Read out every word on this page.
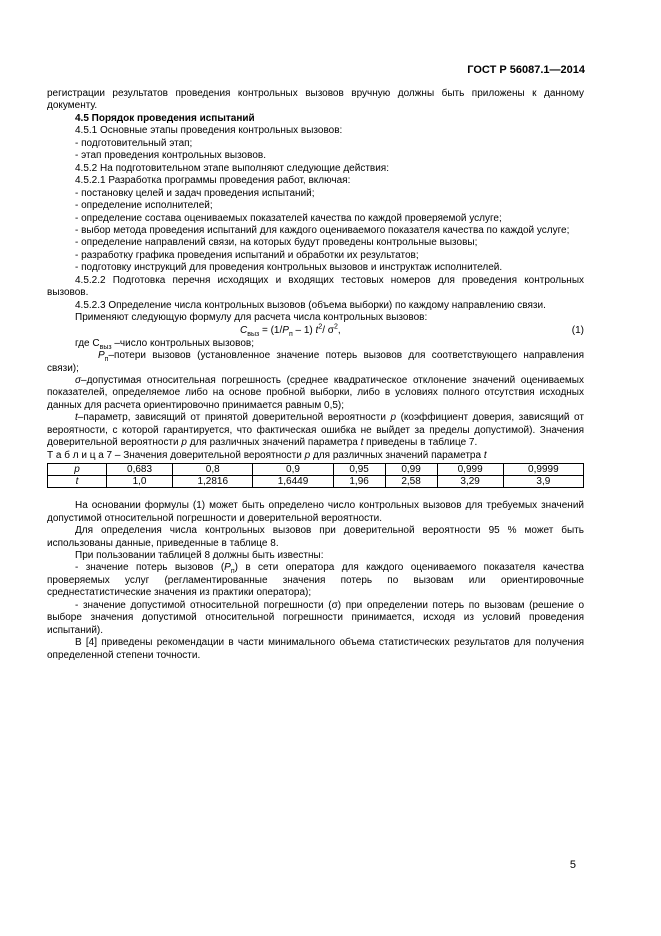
ГОСТ Р 56087.1—2014

регистрации результатов проведения контрольных вызовов вручную должны быть приложены к данному документу.

4.5 Порядок проведения испытаний

4.5.1 Основные этапы проведения контрольных вызовов:

- подготовительный этап;

- этап проведения контрольных вызовов.

4.5.2 На подготовительном этапе выполняют следующие действия:

4.5.2.1 Разработка программы проведения работ, включая:

- постановку целей и задач проведения испытаний;

- определение исполнителей;

- определение состава оцениваемых показателей качества по каждой проверяемой услуге;

- выбор метода проведения испытаний для каждого оцениваемого показателя качества по каждой услуге;

- определение направлений связи, на которых будут проведены контрольные вызовы;

- разработку графика проведения испытаний и обработки их результатов;

- подготовку инструкций для проведения контрольных вызовов и инструктаж исполнителей.

4.5.2.2 Подготовка перечня исходящих и входящих тестовых номеров для проведения контрольных вызовов.

4.5.2.3 Определение числа контрольных вызовов (объема выборки) по каждому направлению связи.

Применяют следующую формулу для расчета числа контрольных вызовов:

$C_{выз} = (1/P_п - 1)$ $t^2/$ $\sigma^2$,	(1)

где $C_{выз}$ –число контрольных вызовов;

$P_п$–потери вызовов (установленное значение потерь вызовов для соответствующего направления связи);

σ–допустимая относительная погрешность (среднее квадратическое отклонение значений оцениваемых показателей, определяемое либо на основе пробной выборки, либо в условиях полного отсутствия исходных данных для расчета ориентировочно принимается равным 0,5);

t–параметр, зависящий от принятой доверительной вероятности p (коэффициент доверия, зависящий от вероятности, с которой гарантируется, что фактическая ошибка не выйдет за пределы допустимой). Значения доверительной вероятности p для различных значений параметра t приведены в таблице 7.

Т а б л и ц а 7 – Значения доверительной вероятности p для различных значений параметра t

p	0,683	0,8	0,9	0,95	0,99	0,999	0,9999
t	1,0	1,2816	1,6449	1,96	2,58	3,29	3,9

На основании формулы (1) может быть определено число контрольных вызовов для требуемых значений допустимой относительной погрешности и доверительной вероятности.

Для определения числа контрольных вызовов при доверительной вероятности 95 % может быть использованы данные, приведенные в таблице 8.

При пользовании таблицей 8 должны быть известны:

- значение потерь вызовов $(P_п)$ в сети оператора для каждого оцениваемого показателя качества проверяемых услуг (регламентированные значения потерь по вызовам или ориентировочные среднестатистические значения из практики оператора);

- значение допустимой относительной погрешности (σ) при определении потерь по вызовам (решение о выборе значения допустимой относительной погрешности принимается, исходя из условий проведения испытаний).

В [4] приведены рекомендации в части минимального объема статистических результатов для получения определенной степени точности.

5
